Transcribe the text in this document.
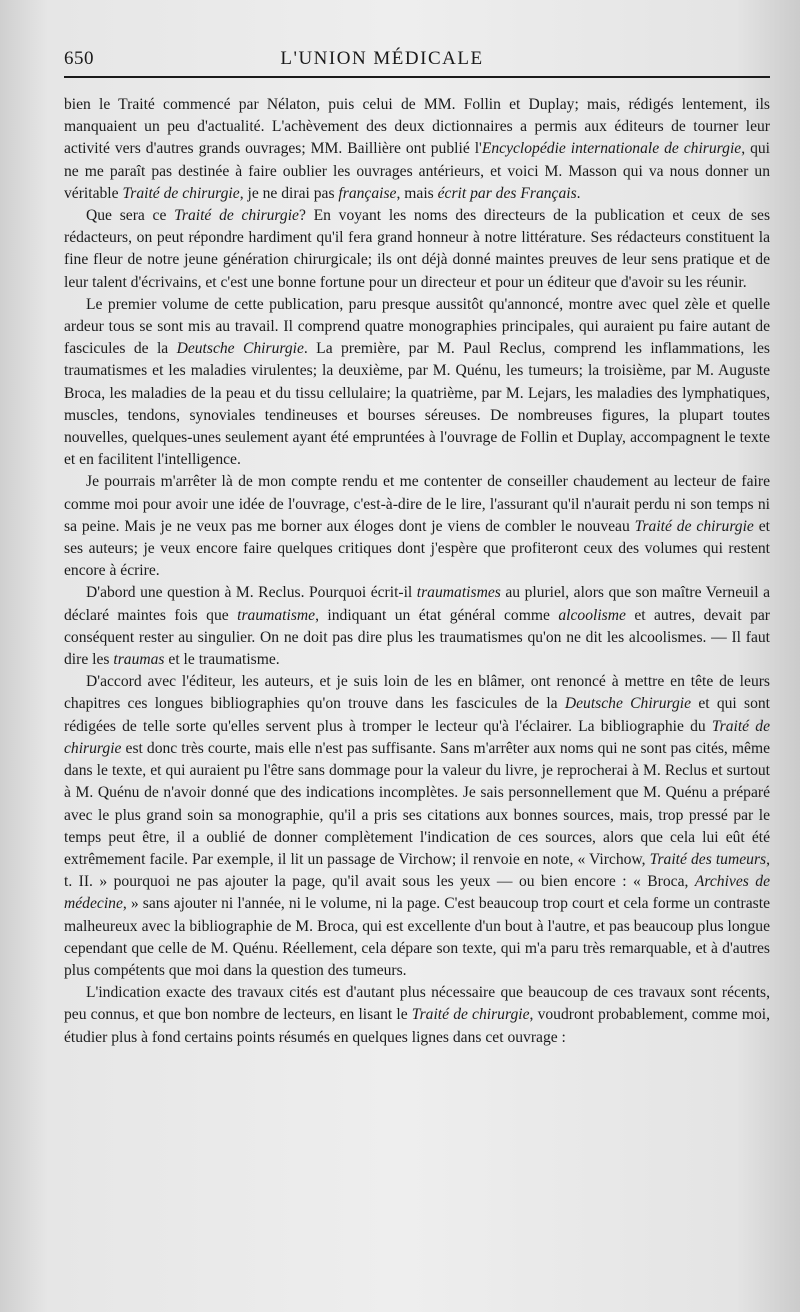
650	L'UNION MÉDICALE

bien le Traité commencé par Nélaton, puis celui de MM. Follin et Duplay; mais, rédigés lentement, ils manquaient un peu d'actualité. L'achèvement des deux dictionnaires a permis aux éditeurs de tourner leur activité vers d'autres grands ouvrages; MM. Baillière ont publié l'Encyclopédie internationale de chirurgie, qui ne me paraît pas destinée à faire oublier les ouvrages antérieurs, et voici M. Masson qui va nous donner un véritable Traité de chirurgie, je ne dirai pas française, mais écrit par des Français.

Que sera ce Traité de chirurgie? En voyant les noms des directeurs de la publication et ceux de ses rédacteurs, on peut répondre hardiment qu'il fera grand honneur à notre littérature. Ses rédacteurs constituent la fine fleur de notre jeune génération chirurgicale; ils ont déjà donné maintes preuves de leur sens pratique et de leur talent d'écrivains, et c'est une bonne fortune pour un directeur et pour un éditeur que d'avoir su les réunir.

Le premier volume de cette publication, paru presque aussitôt qu'annoncé, montre avec quel zèle et quelle ardeur tous se sont mis au travail. Il comprend quatre monographies principales, qui auraient pu faire autant de fascicules de la Deutsche Chirurgie. La première, par M. Paul Reclus, comprend les inflammations, les traumatismes et les maladies virulentes; la deuxième, par M. Quénu, les tumeurs; la troisième, par M. Auguste Broca, les maladies de la peau et du tissu cellulaire; la quatrième, par M. Lejars, les maladies des lymphatiques, muscles, tendons, synoviales tendineuses et bourses séreuses. De nombreuses figures, la plupart toutes nouvelles, quelques-unes seulement ayant été empruntées à l'ouvrage de Follin et Duplay, accompagnent le texte et en facilitent l'intelligence.

Je pourrais m'arrêter là de mon compte rendu et me contenter de conseiller chaudement au lecteur de faire comme moi pour avoir une idée de l'ouvrage, c'est-à-dire de le lire, l'assurant qu'il n'aurait perdu ni son temps ni sa peine. Mais je ne veux pas me borner aux éloges dont je viens de combler le nouveau Traité de chirurgie et ses auteurs; je veux encore faire quelques critiques dont j'espère que profiteront ceux des volumes qui restent encore à écrire.

D'abord une question à M. Reclus. Pourquoi écrit-il traumatismes au pluriel, alors que son maître Verneuil a déclaré maintes fois que traumatisme, indiquant un état général comme alcoolisme et autres, devait par conséquent rester au singulier. On ne doit pas dire plus les traumatismes qu'on ne dit les alcoolismes. — Il faut dire les traumas et le traumatisme.

D'accord avec l'éditeur, les auteurs, et je suis loin de les en blâmer, ont renoncé à mettre en tête de leurs chapitres ces longues bibliographies qu'on trouve dans les fascicules de la Deutsche Chirurgie et qui sont rédigées de telle sorte qu'elles servent plus à tromper le lecteur qu'à l'éclairer. La bibliographie du Traité de chirurgie est donc très courte, mais elle n'est pas suffisante. Sans m'arrêter aux noms qui ne sont pas cités, même dans le texte, et qui auraient pu l'être sans dommage pour la valeur du livre, je reprocherai à M. Reclus et surtout à M. Quénu de n'avoir donné que des indications incomplètes. Je sais personnellement que M. Quénu a préparé avec le plus grand soin sa monographie, qu'il a pris ses citations aux bonnes sources, mais, trop pressé par le temps peut être, il a oublié de donner complètement l'indication de ces sources, alors que cela lui eût été extrêmement facile. Par exemple, il lit un passage de Virchow; il renvoie en note, « Virchow, Traité des tumeurs, t. II. » pourquoi ne pas ajouter la page, qu'il avait sous les yeux — ou bien encore : « Broca, Archives de médecine, » sans ajouter ni l'année, ni le volume, ni la page. C'est beaucoup trop court et cela forme un contraste malheureux avec la bibliographie de M. Broca, qui est excellente d'un bout à l'autre, et pas beaucoup plus longue cependant que celle de M. Quénu. Réellement, cela dépare son texte, qui m'a paru très remarquable, et à d'autres plus compétents que moi dans la question des tumeurs.

L'indication exacte des travaux cités est d'autant plus nécessaire que beaucoup de ces travaux sont récents, peu connus, et que bon nombre de lecteurs, en lisant le Traité de chirurgie, voudront probablement, comme moi, étudier plus à fond certains points résumés en quelques lignes dans cet ouvrage :
